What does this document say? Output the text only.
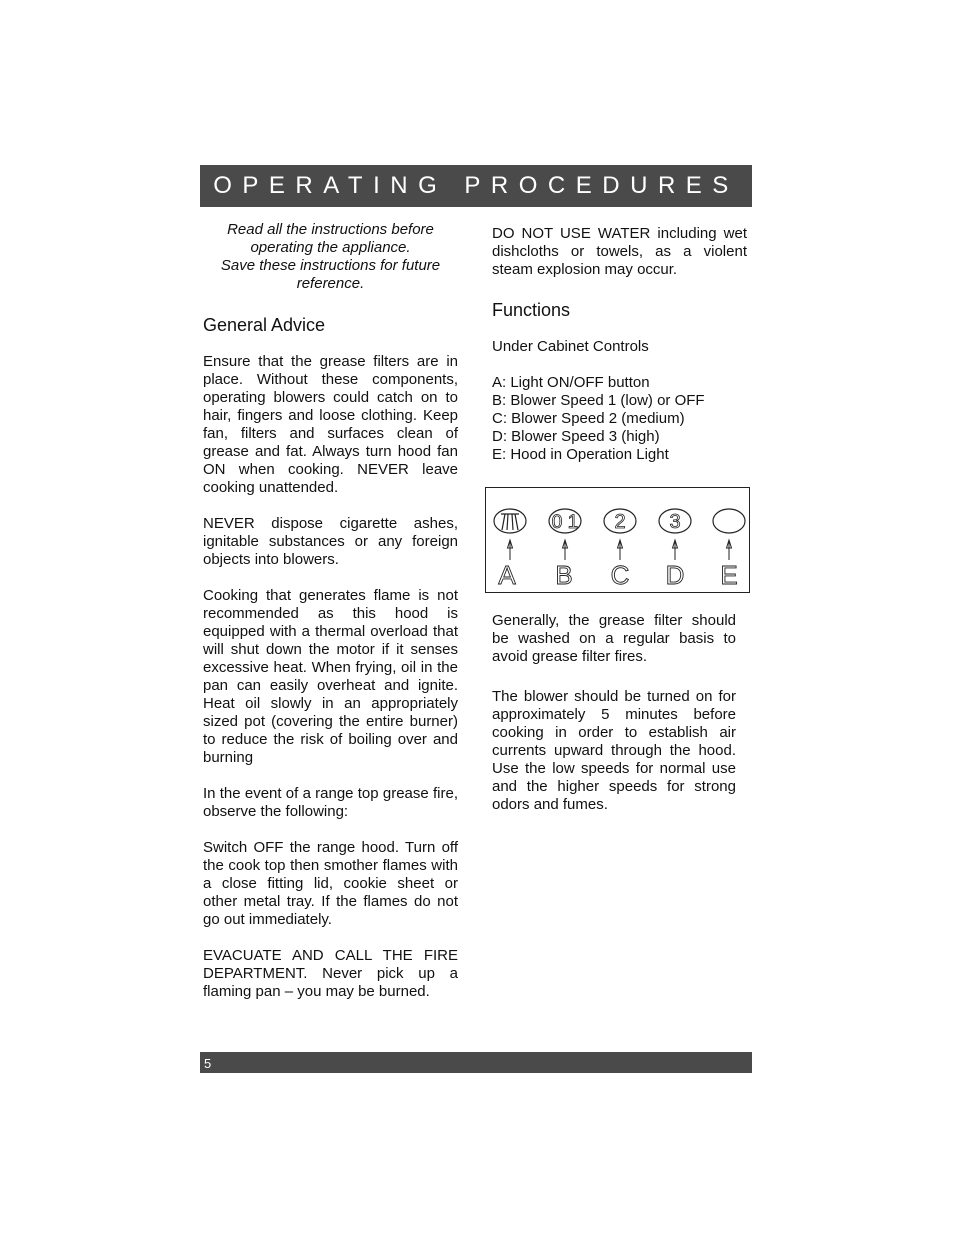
OPERATING PROCEDURES
Read all the instructions before
operating the appliance.
Save these instructions for future
reference.
General Advice

Ensure that the grease filters are in place. Without these components, operating blowers could catch on to hair, fingers and loose clothing. Keep fan, filters and surfaces clean of grease and fat. Always turn hood fan ON when cooking. NEVER leave cooking unattended.

NEVER dispose cigarette ashes, ignitable substances or any foreign objects into blowers.

Cooking that generates flame is not recommended as this hood is equipped with a thermal overload that will shut down the motor if it senses excessive heat. When frying, oil in the pan can easily overheat and ignite. Heat oil slowly in an appropriately sized pot (covering the entire burner) to reduce the risk of boiling over and burning

In the event of a range top grease fire, observe the following:

Switch OFF the range hood. Turn off the cook top then smother flames with a close fitting lid, cookie sheet or other metal tray. If the flames do not go out immediately.

EVACUATE AND CALL THE FIRE DEPARTMENT. Never pick up a flaming pan – you may be burned.

DO NOT USE WATER including wet dishcloths or towels, as a violent steam explosion may occur.

Functions

Under Cabinet Controls

A: Light ON/OFF button
B: Blower Speed 1 (low) or OFF
C: Blower Speed 2 (medium)
D: Blower Speed 3 (high)
E: Hood in Operation Light
A
0 1
B
2
C
3
D E

Generally, the grease filter should be washed on a regular basis to avoid grease filter fires.

The blower should be turned on for approximately 5 minutes before cooking in order to establish air currents upward through the hood. Use the low speeds for normal use and the higher speeds for strong odors and fumes.

5
